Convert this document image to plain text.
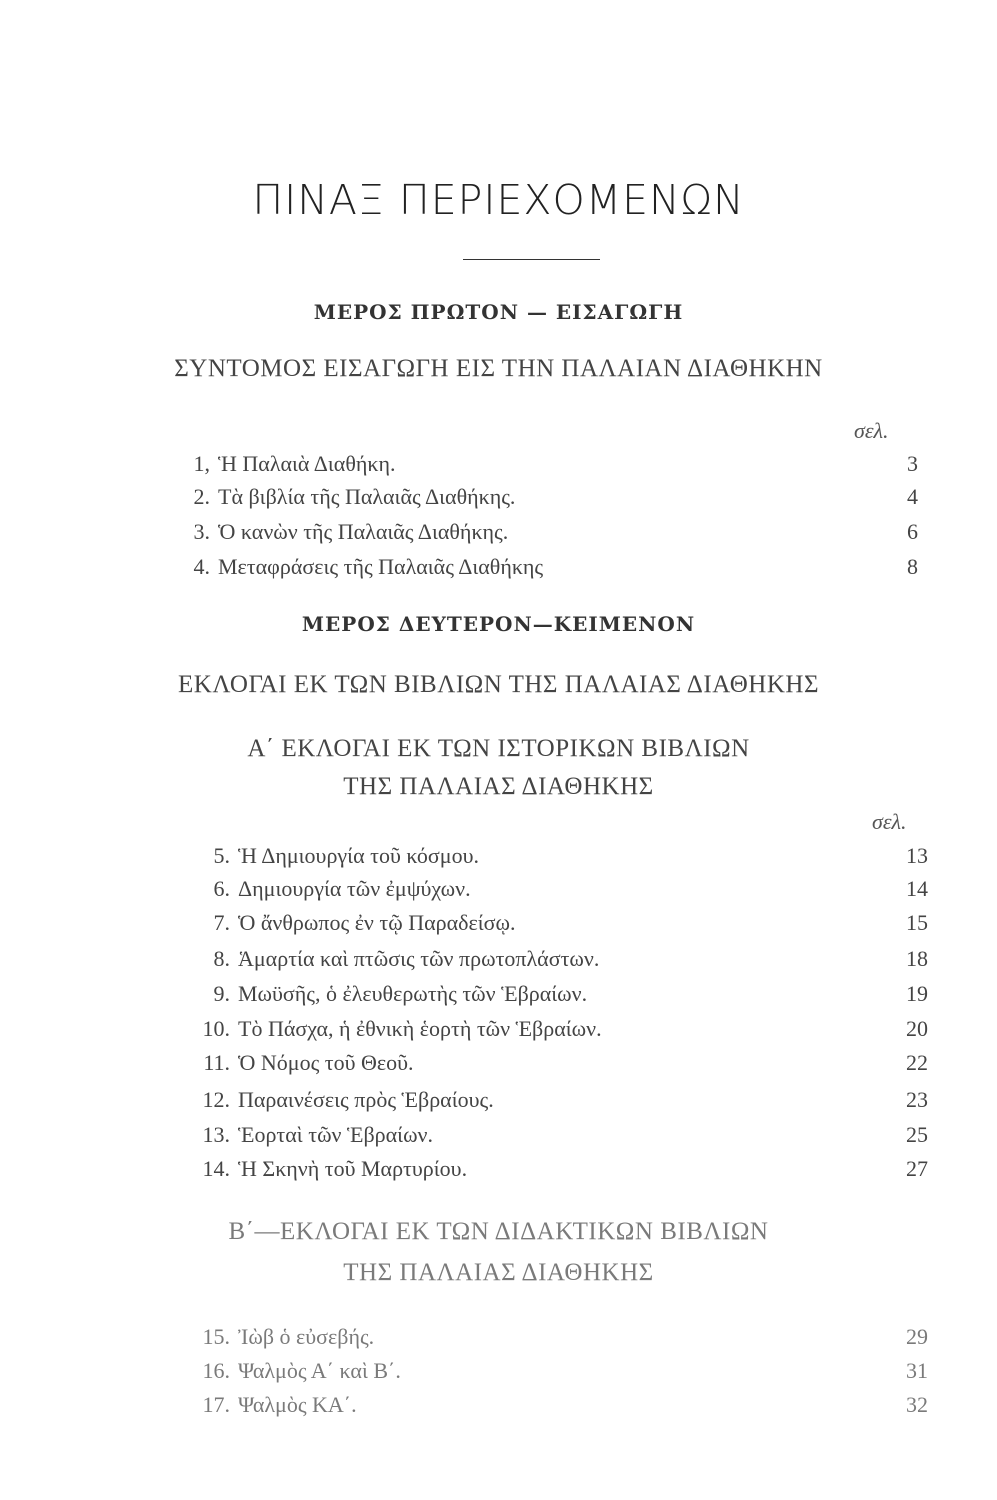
ΠΙΝΑΞ ΠΕΡΙΕΧΟΜΕΝΩΝ
ΜΕΡΟΣ ΠΡΩΤΟΝ — ΕΙΣΑΓΩΓΗ
ΣΥΝΤΟΜΟΣ ΕΙΣΑΓΩΓΗ ΕΙΣ ΤΗΝ ΠΑΛΑΙΑΝ ΔΙΑΘΗΚΗΝ
σελ.
1, Ἡ Παλαιὰ Διαθήκη.	3
2. Τὰ βιβλία τῆς Παλαιᾶς Διαθήκης.	4
3. Ὁ κανὼν τῆς Παλαιᾶς Διαθήκης.	6
4. Μεταφράσεις τῆς Παλαιᾶς Διαθήκης	8
ΜΕΡΟΣ ΔΕΥΤΕΡΟΝ—ΚΕΙΜΕΝΟΝ
ΕΚΛΟΓΑΙ ΕΚ ΤΩΝ ΒΙΒΛΙΩΝ ΤΗΣ ΠΑΛΑΙΑΣ ΔΙΑΘΗΚΗΣ
Α΄ ΕΚΛΟΓΑΙ ΕΚ ΤΩΝ ΙΣΤΟΡΙΚΩΝ ΒΙΒΛΙΩΝ
ΤΗΣ ΠΑΛΑΙΑΣ ΔΙΑΘΗΚΗΣ
σελ.
5. Ἡ Δημιουργία τοῦ κόσμου.	13
6. Δημιουργία τῶν ἐμψύχων.	14
7. Ὁ ἄνθρωπος ἐν τῷ Παραδείσῳ.	15
8. Ἁμαρτία καὶ πτῶσις τῶν πρωτοπλάστων.	18
9. Μωϋσῆς, ὁ ἐλευθερωτὴς τῶν Ἑβραίων.	19
10. Τὸ Πάσχα, ἡ ἐθνικὴ ἑορτὴ τῶν Ἑβραίων.	20
11. Ὁ Νόμος τοῦ Θεοῦ.	22
12. Παραινέσεις πρὸς Ἑβραίους.	23
13. Ἑορταὶ τῶν Ἑβραίων.	25
14. Ἡ Σκηνὴ τοῦ Μαρτυρίου.	27
Β΄—ΕΚΛΟΓΑΙ ΕΚ ΤΩΝ ΔΙΔΑΚΤΙΚΩΝ ΒΙΒΛΙΩΝ
ΤΗΣ ΠΑΛΑΙΑΣ ΔΙΑΘΗΚΗΣ
15. Ἰὼβ ὁ εὐσεβής.	29
16. Ψαλμὸς Α΄ καὶ Β΄.	31
17. Ψαλμὸς ΚΑ΄.	32
